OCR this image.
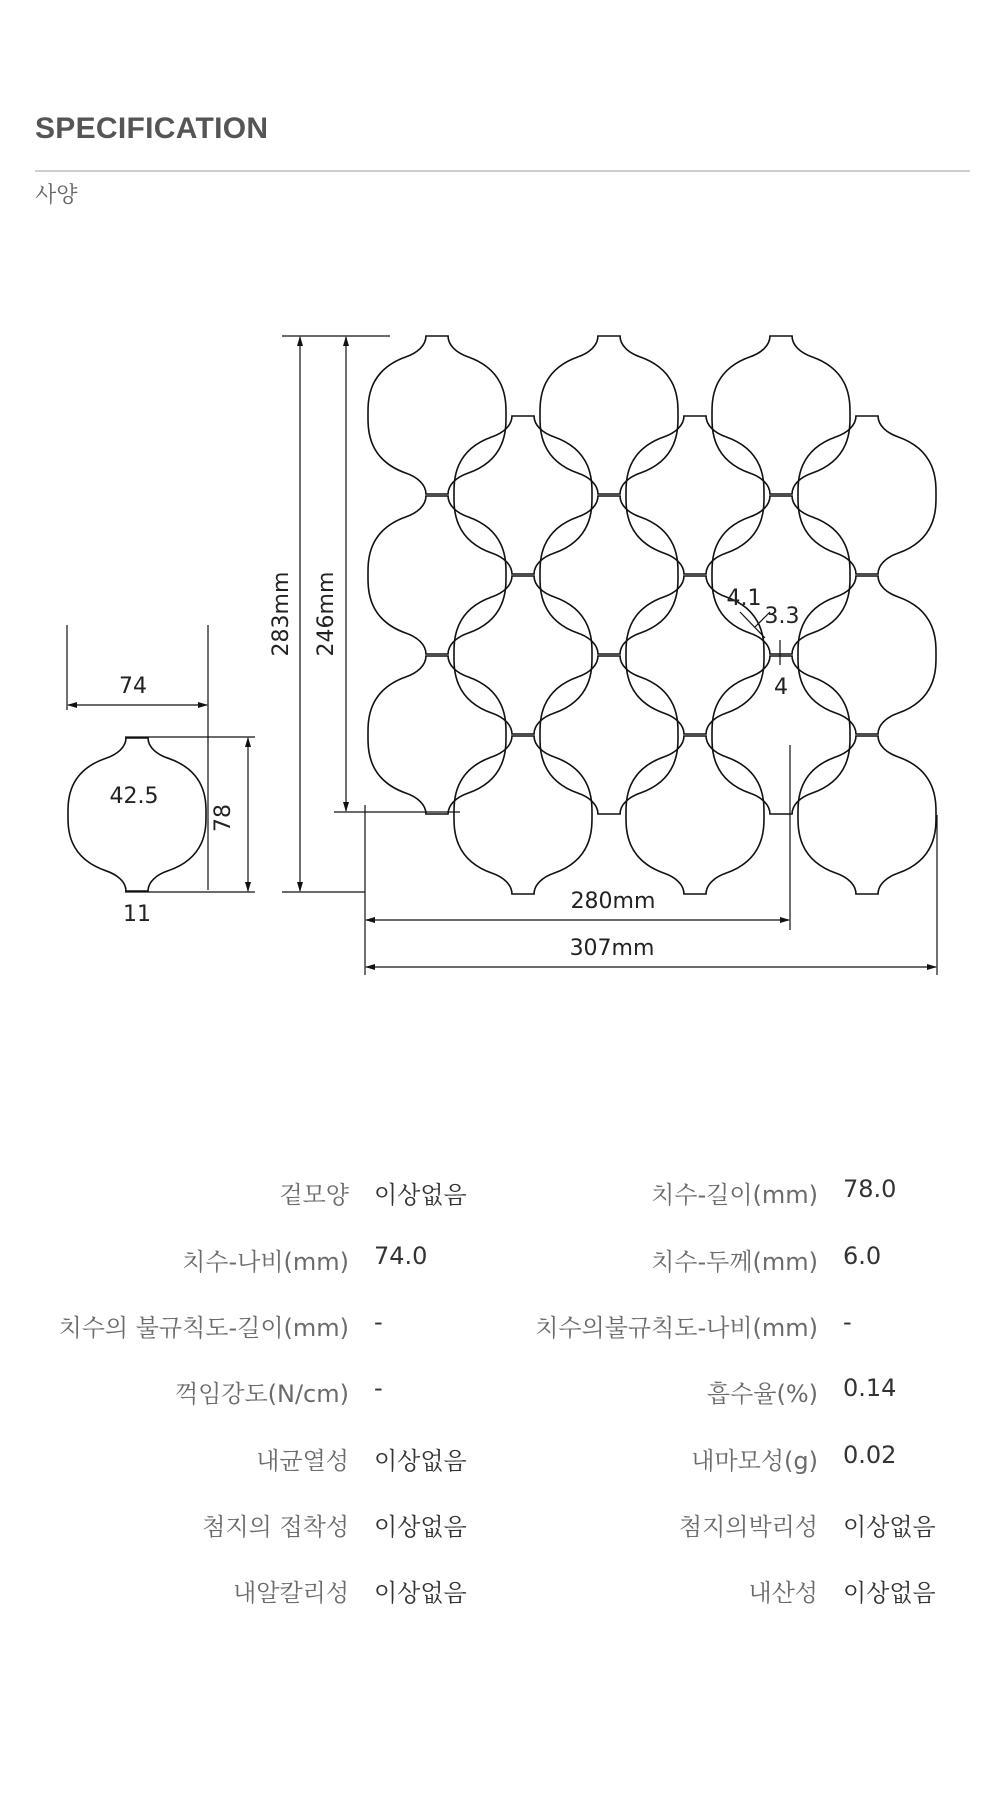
SPECIFICATION
사양
74
78
42.5
11
283mm 246mm
280mm
307mm
4.1
3.3
4
겉모양 이상없음
치수-나비(mm) 74.0
치수의 불규칙도-길이(mm) -
꺽임강도(N/cm) -
내균열성 이상없음
첨지의 접착성 이상없음
내알칼리성 이상없음
치수-길이(mm) 78.0
치수-두께(mm) 6.0
치수의불규칙도-나비(mm) -
흡수율(%) 0.14
내마모성(g) 0.02
첨지의박리성 이상없음
내산성 이상없음
